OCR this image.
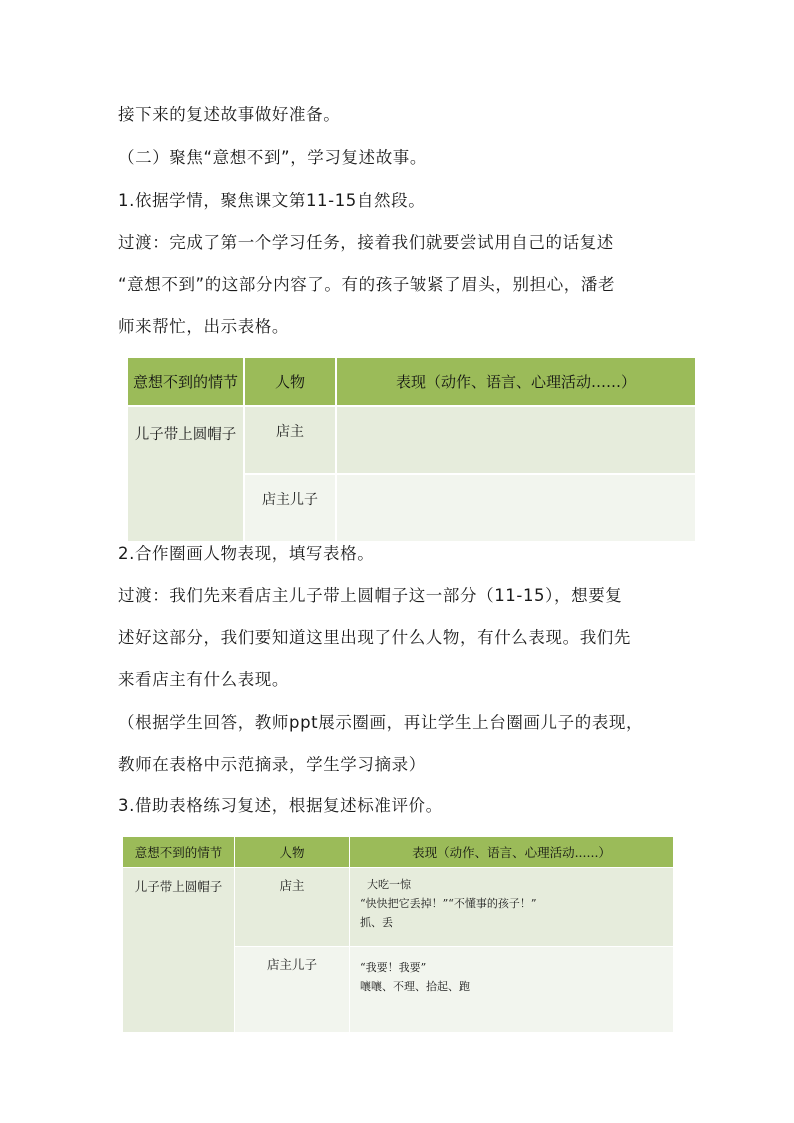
接下来的复述故事做好准备。
（二）聚焦“意想不到”，学习复述故事。
1.依据学情，聚焦课文第11-15自然段。
过渡：完成了第一个学习任务，接着我们就要尝试用自己的话复述
“意想不到”的这部分内容了。有的孩子皱紧了眉头，别担心，潘老
师来帮忙，出示表格。
意想不到的情节	人物	表现（动作、语言、心理活动……）
儿子带上圆帽子	店主	
	店主儿子	
2.合作圈画人物表现，填写表格。
过渡：我们先来看店主儿子带上圆帽子这一部分（11-15），想要复
述好这部分，我们要知道这里出现了什么人物，有什么表现。我们先
来看店主有什么表现。
（根据学生回答，教师ppt展示圈画，再让学生上台圈画儿子的表现，
教师在表格中示范摘录，学生学习摘录）
3.借助表格练习复述，根据复述标准评价。
意想不到的情节	人物	表现（动作、语言、心理活动......）
儿子带上圆帽子	店主	大吃一惊
“快快把它丢掉！”“不懂事的孩子！”
抓、丢

	店主儿子	“我要！我要”
嚷嚷、不理、拾起、跑
